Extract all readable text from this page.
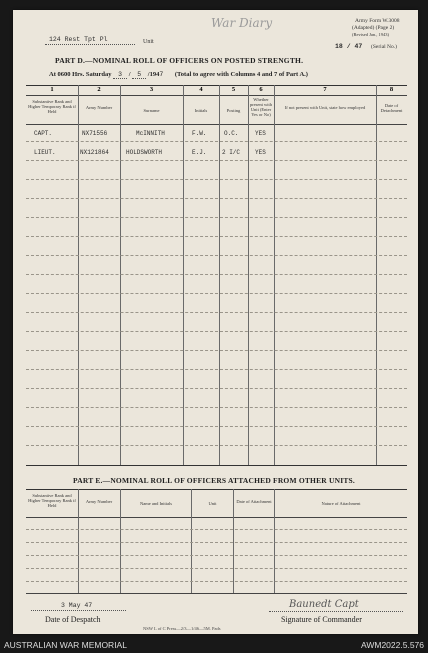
124 Rest Tpt Pl	Unit
War Diary	Army Form W.3008
(Adapted) (Page 2)
(Revised Jan., 1943)
18 / 47 (Serial No.)
PART D.—NOMINAL ROLL OF OFFICERS ON POSTED STRENGTH.
At 0600 Hrs. Saturday 3 / 5 /1947 (Total to agree with Columns 4 and 7 of Part A.)
1	2	3	4	5	6	7	8
Substantive Rank and Higher Temporary Rank if Held
Army Number
Surname	Initials	Posting
Whether present with Unit (Enter Yes or No)
If not present with Unit, state how employed	Date of Detachment
CAPT.	NX71556	McINNITH	F.W.	O.C.	YES
LIEUT.	NX121864	HOLDSWORTH	E.J.	2 I/C YES
PART E.—NOMINAL ROLL OF OFFICERS ATTACHED FROM OTHER UNITS.
Substantive Rank and Higher Temporary Rank if Held
Army Number	Name and Initials	Unit	Date of Attachment	Nature of Attachment
3 May 47
Date of Despatch
Baunedt Capt
Signature of Commander
NSW L of C Press—2/3—1/46—5M. Pads
AUSTRALIAN WAR MEMORIAL	AWM2022.5.576
